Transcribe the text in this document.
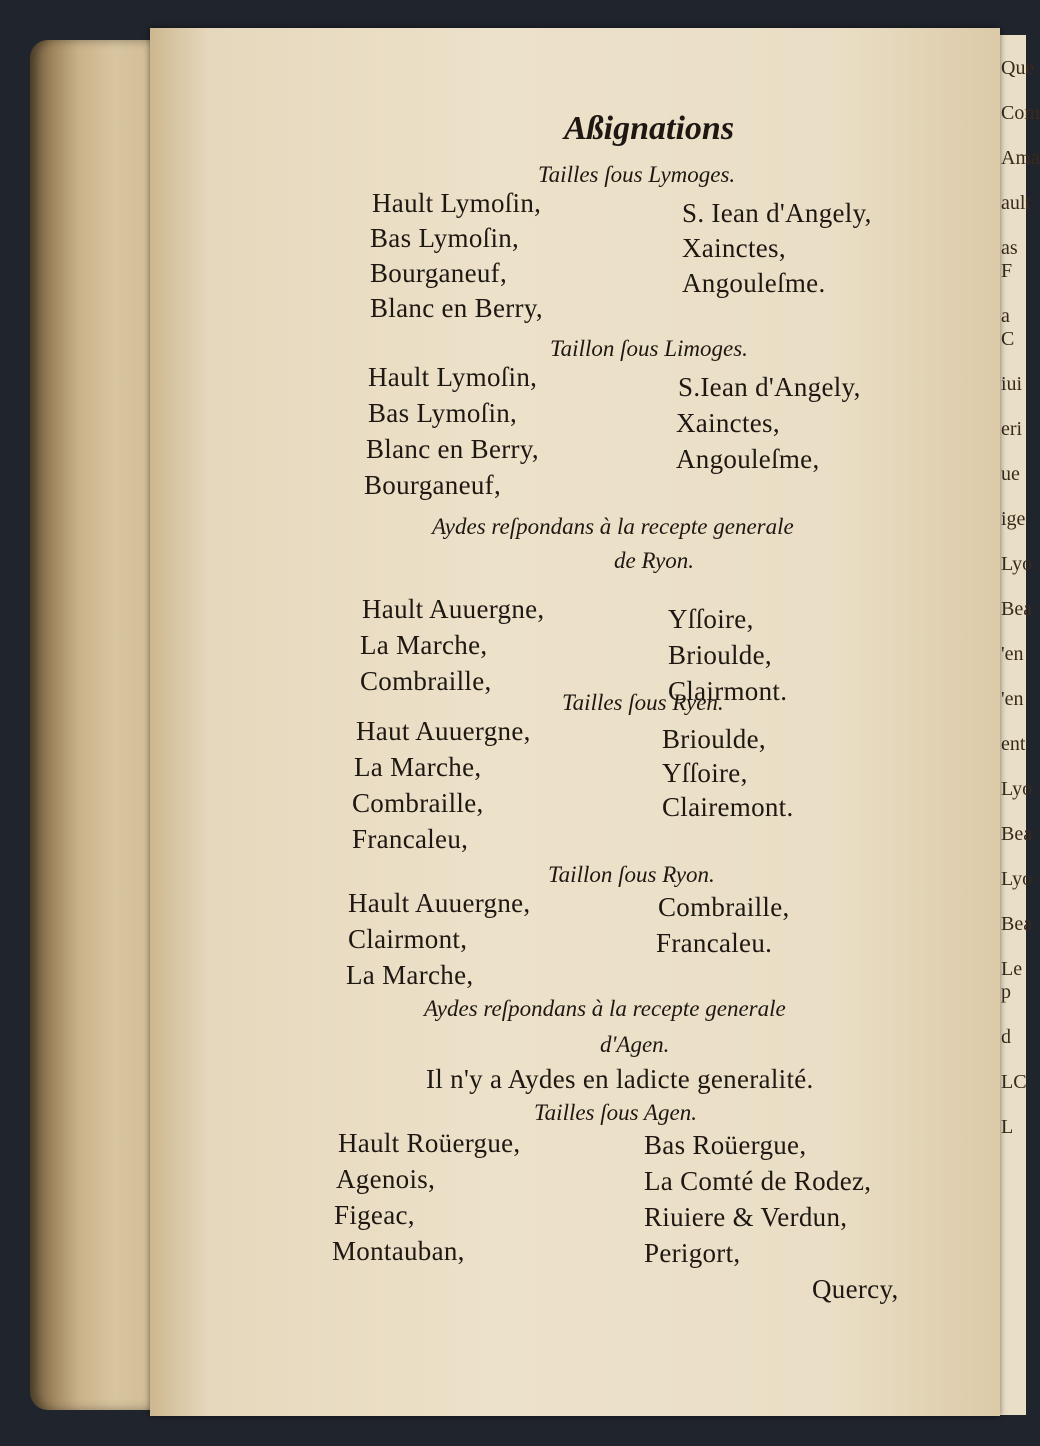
Que
Com
Ama
ault
as F
a C
iui
eri
ue
ige
Lyo
Bea
'en
'en
ent
Lyo
Bea
Lyo
Bea
Le p
d
LC
L
Aßignations
Tailles ſous Lymoges.
Hault Lymoſin,
Bas Lymoſin,
Bourganeuf,
Blanc en Berry,
S. Iean d'Angely,
Xainctes,
Angouleſme.
Taillon ſous Limoges.
Hault Lymoſin,
Bas Lymoſin,
Blanc en Berry,
Bourganeuf,
S.Iean d'Angely,
Xainctes,
Angouleſme,
Aydes reſpondans à la recepte generale
de Ryon.
Hault Auuergne,
La Marche,
Combraille,
Yſſoire,
Brioulde,
Clairmont.
Tailles ſous Ryen.
Haut Auuergne,
La Marche,
Combraille,
Francaleu,
Brioulde,
Yſſoire,
Clairemont.
Taillon ſous Ryon.
Hault Auuergne,
Clairmont,
La Marche,
Combraille,
Francaleu.
Aydes reſpondans à la recepte generale
d'Agen.
Il n'y a Aydes en ladicte generalité.
Tailles ſous Agen.
Hault Roüergue,
Agenois,
Figeac,
Montauban,
Bas Roüergue,
La Comté de Rodez,
Riuiere & Verdun,
Perigort,
Quercy,
